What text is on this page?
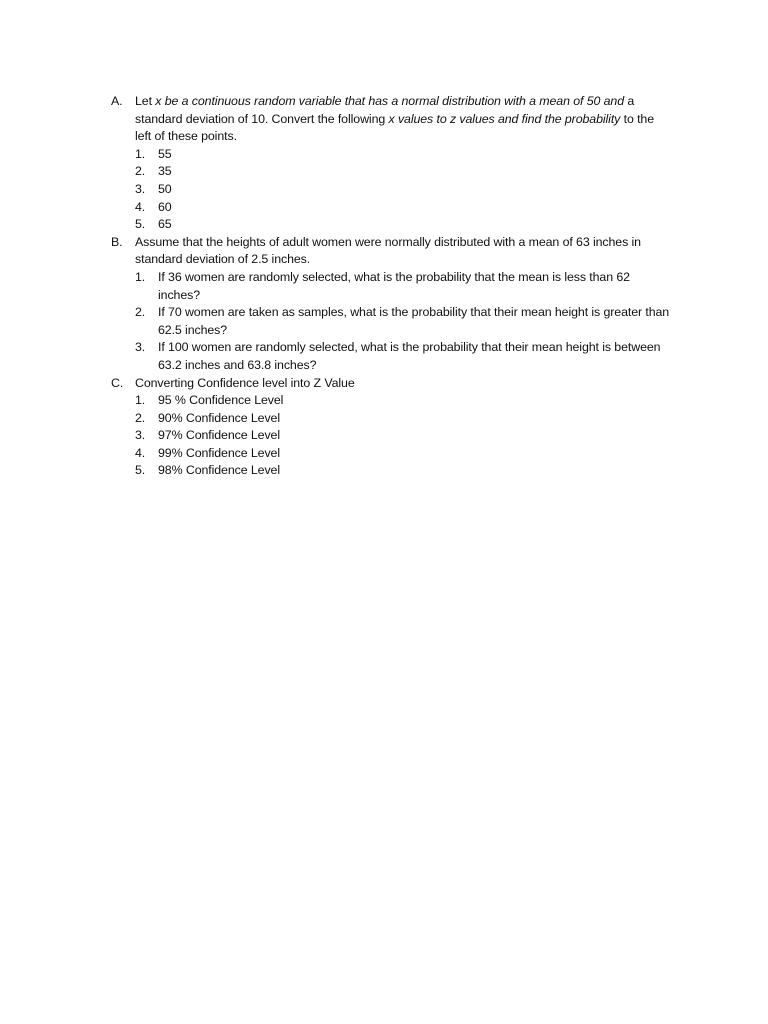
A.	Let x be a continuous random variable that has a normal distribution with a mean of 50 and a standard deviation of 10. Convert the following x values to z values and find the probability to the left of these points.
1.	55
2.	35
3.	50
4.	60
5.	65
B.	Assume that the heights of adult women were normally distributed with a mean of 63 inches in standard deviation of 2.5 inches.
1.	If 36 women are randomly selected, what is the probability that the mean is less than 62 inches?
2.	If 70 women are taken as samples, what is the probability that their mean height is greater than 62.5 inches?
3.	If 100 women are randomly selected, what is the probability that their mean height is between 63.2 inches and 63.8 inches?
C. Converting Confidence level into Z Value
1.	95 % Confidence Level
2.	90% Confidence Level
3.	97% Confidence Level
4.	99% Confidence Level
5.	98% Confidence Level
